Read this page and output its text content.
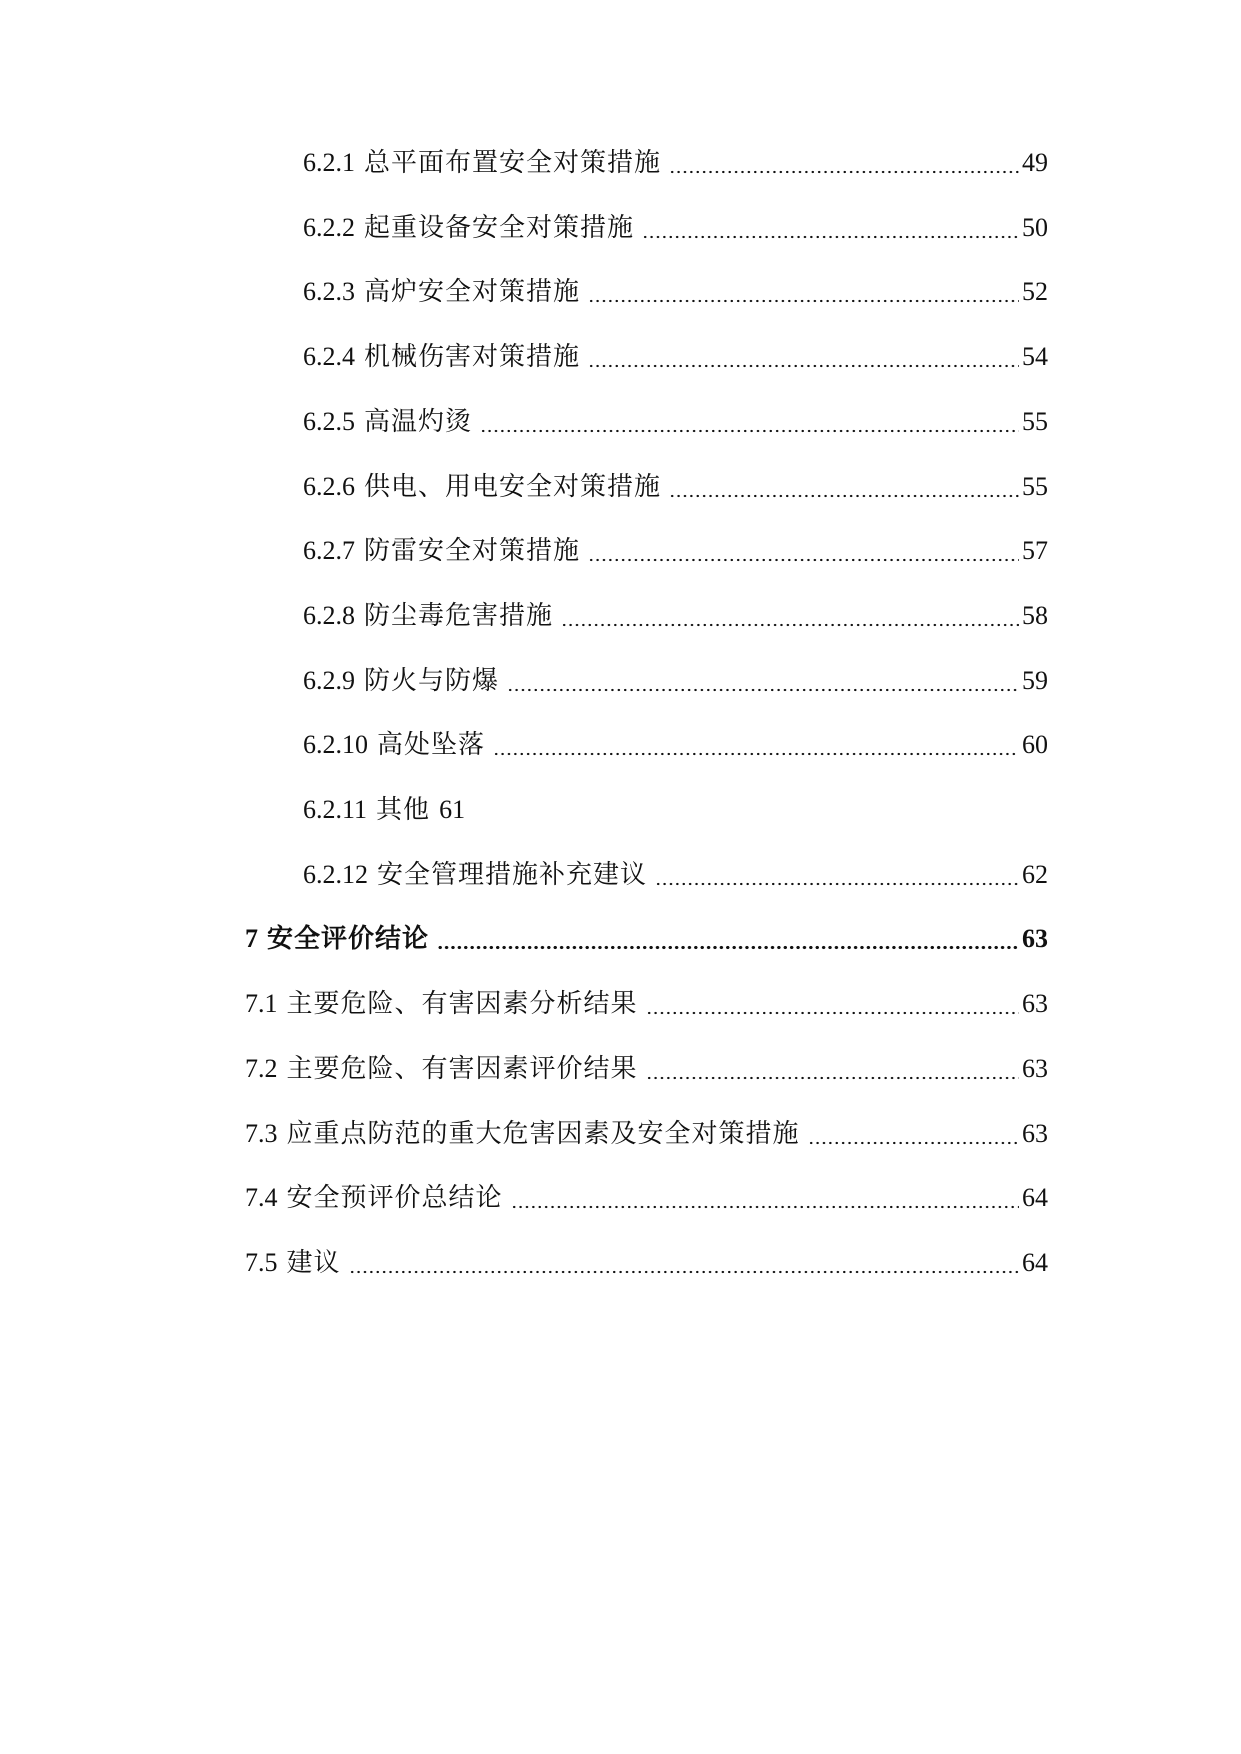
6.2.1 总平面布置安全对策措施	49
6.2.2 起重设备安全对策措施	50
6.2.3 高炉安全对策措施	52
6.2.4 机械伤害对策措施	54
6.2.5 高温灼烫	55
6.2.6 供电、用电安全对策措施	55
6.2.7 防雷安全对策措施	57
6.2.8 防尘毒危害措施	58
6.2.9 防火与防爆	59
6.2.10 高处坠落	60
6.2.11 其他 61
6.2.12 安全管理措施补充建议	62
7 安全评价结论	63
7.1 主要危险、有害因素分析结果	63
7.2 主要危险、有害因素评价结果	63
7.3 应重点防范的重大危害因素及安全对策措施	63
7.4 安全预评价总结论	64
7.5 建议	64
